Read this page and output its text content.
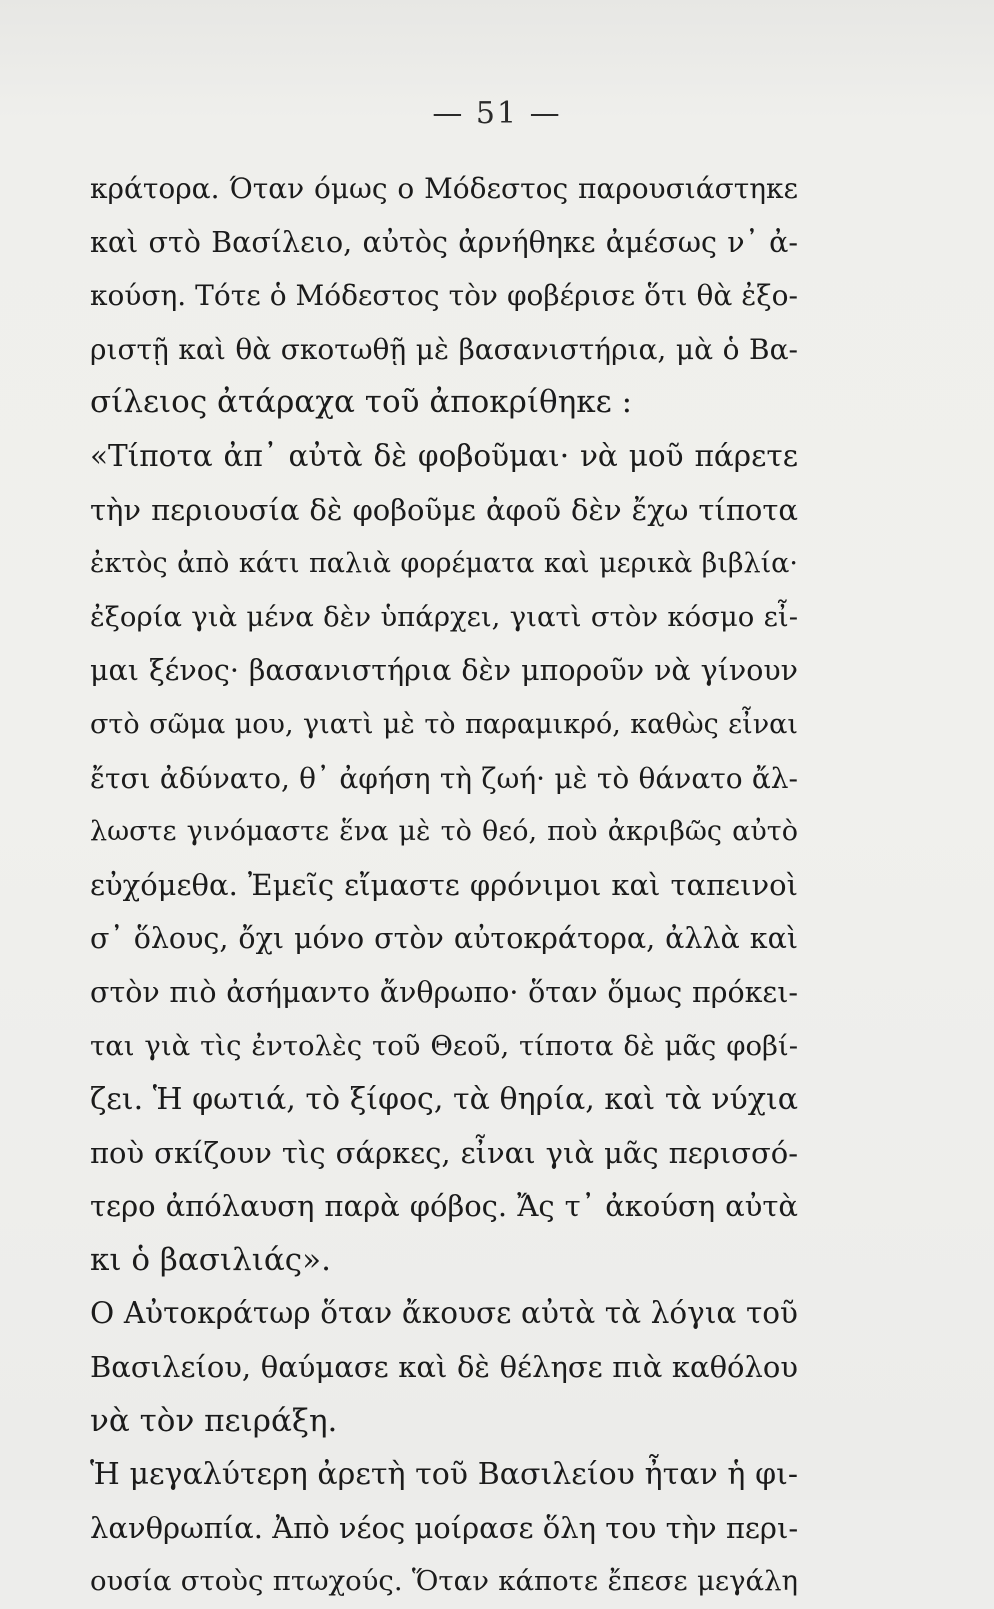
— 51 —
κράτορα. Όταν όμως ο Μόδεστος παρουσιάστηκε
καὶ στὸ Βασίλειο, αὐτὸς ἀρνήθηκε ἀμέσως ν᾽ ἀ-
κούση. Τότε ὁ Μόδεστος τὸν φοβέρισε ὅτι θὰ ἐξο-
ριστῇ καὶ θὰ σκοτωθῇ μὲ βασανιστήρια, μὰ ὁ Βα-
σίλειος ἀτάραχα τοῦ ἀποκρίθηκε :
«Τίποτα ἀπ᾽ αὐτὰ δὲ φοβοῦμαι· νὰ μοῦ πάρετε
τὴν περιουσία δὲ φοβοῦμε ἀφοῦ δὲν ἔχω τίποτα
ἐκτὸς ἀπὸ κάτι παλιὰ φορέματα καὶ μερικὰ βιβλία·
ἐξορία γιὰ μένα δὲν ὑπάρχει, γιατὶ στὸν κόσμο εἶ-
μαι ξένος· βασανιστήρια δὲν μποροῦν νὰ γίνουν
στὸ σῶμα μου, γιατὶ μὲ τὸ παραμικρό, καθὼς εἶναι
ἔτσι ἀδύνατο, θ᾽ ἀφήση τὴ ζωή· μὲ τὸ θάνατο ἄλ-
λωστε γινόμαστε ἕνα μὲ τὸ θεό, ποὺ ἀκριβῶς αὐτὸ
εὐχόμεθα. Ἐμεῖς εἴμαστε φρόνιμοι καὶ ταπεινοὶ
σ᾽ ὅλους, ὄχι μόνο στὸν αὐτοκράτορα, ἀλλὰ καὶ
στὸν πιὸ ἀσήμαντο ἄνθρωπο· ὅταν ὅμως πρόκει-
ται γιὰ τὶς ἐντολὲς τοῦ Θεοῦ, τίποτα δὲ μᾶς φοβί-
ζει. Ἡ φωτιά, τὸ ξίφος, τὰ θηρία, καὶ τὰ νύχια
ποὺ σκίζουν τὶς σάρκες, εἶναι γιὰ μᾶς περισσό-
τερο ἀπόλαυση παρὰ φόβος. Ἄς τ᾽ ἀκούση αὐτὰ
κι ὁ βασιλιάς».
Ο Αὐτοκράτωρ ὅταν ἄκουσε αὐτὰ τὰ λόγια τοῦ
Βασιλείου, θαύμασε καὶ δὲ θέλησε πιὰ καθόλου
νὰ τὸν πειράξη.
Ἡ μεγαλύτερη ἀρετὴ τοῦ Βασιλείου ἦταν ἡ φι-
λανθρωπία. Ἀπὸ νέος μοίρασε ὅλη του τὴν περι-
ουσία στοὺς πτωχούς. Ὅταν κάποτε ἔπεσε μεγάλη
